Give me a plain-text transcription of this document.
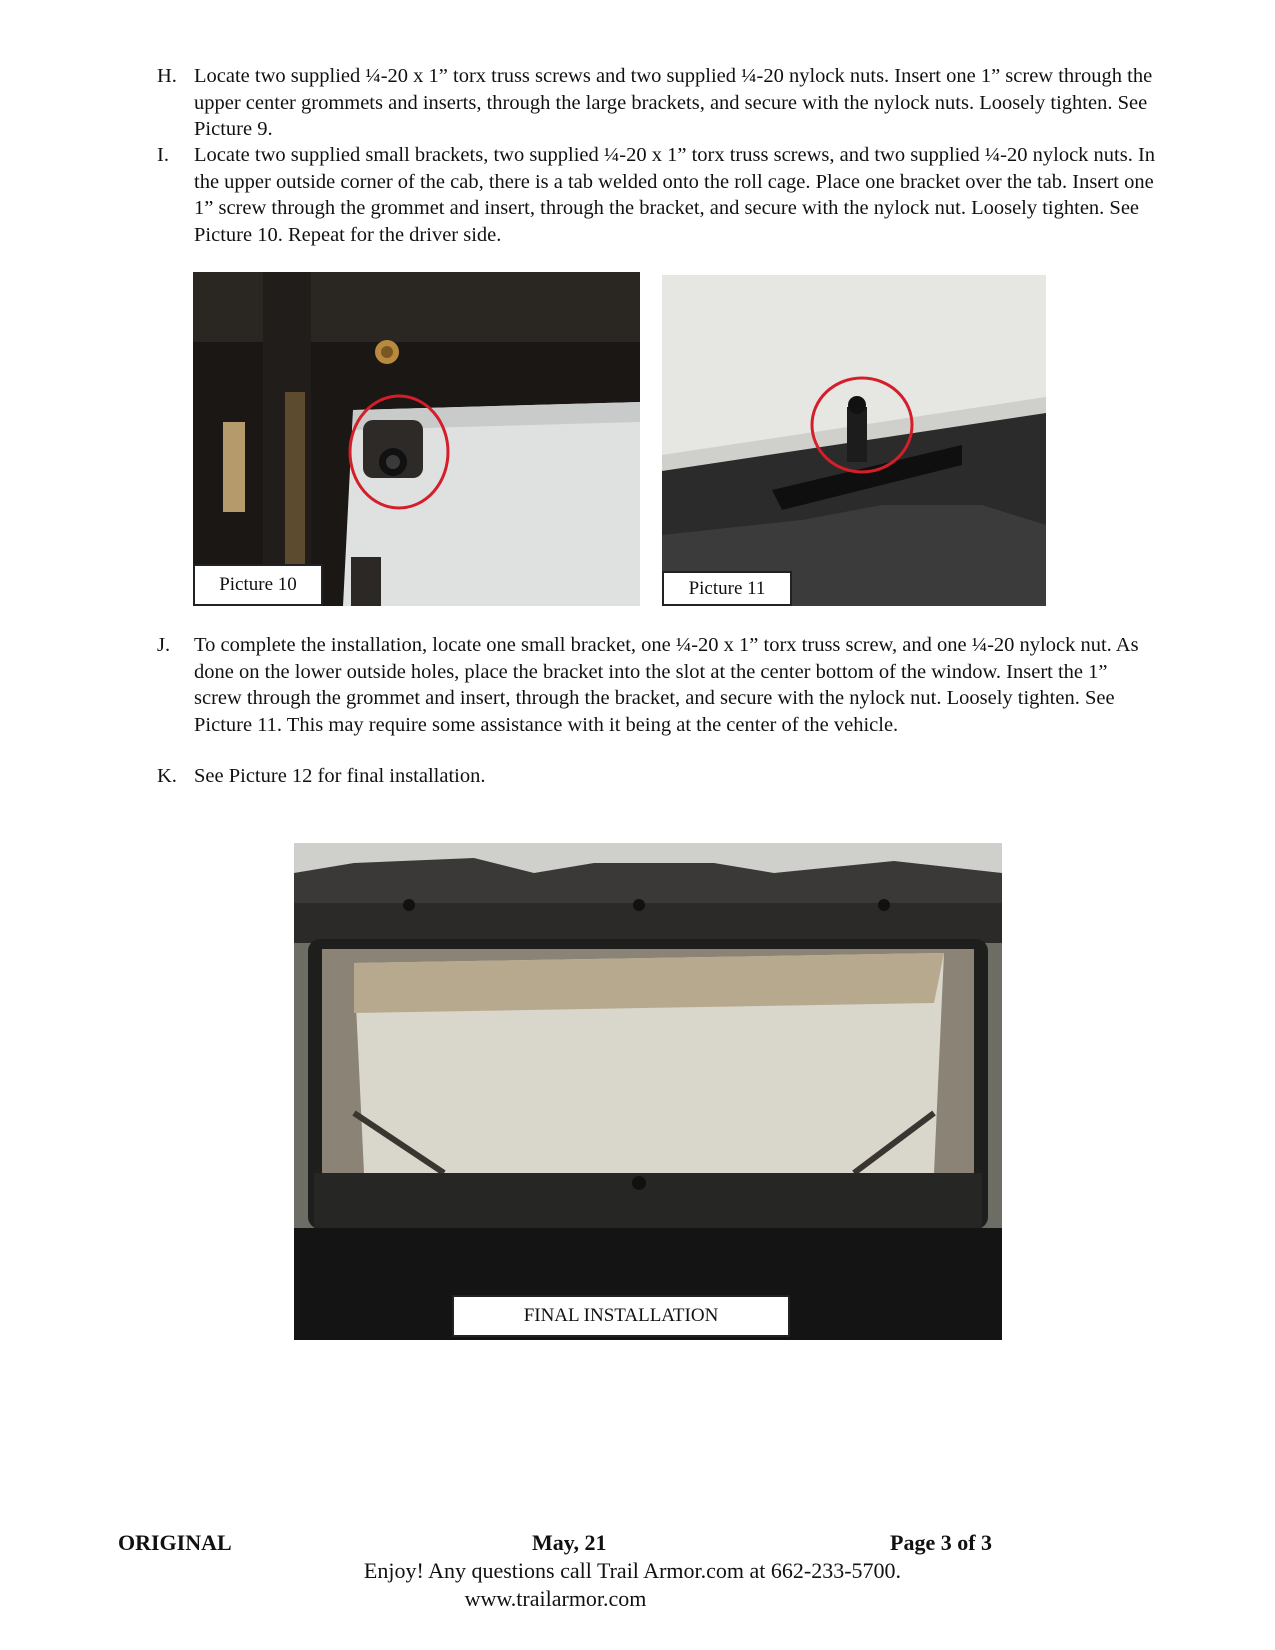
H. Locate two supplied ¼-20 x 1” torx truss screws and two supplied ¼-20 nylock nuts. Insert one 1” screw through the upper center grommets and inserts, through the large brackets, and secure with the nylock nuts. Loosely tighten. See Picture 9.
I. Locate two supplied small brackets, two supplied ¼-20 x 1” torx truss screws, and two supplied ¼-20 nylock nuts. In the upper outside corner of the cab, there is a tab welded onto the roll cage. Place one bracket over the tab. Insert one 1” screw through the grommet and insert, through the bracket, and secure with the nylock nut. Loosely tighten. See Picture 10. Repeat for the driver side.
Picture 10	Picture 11
J. To complete the installation, locate one small bracket, one ¼-20 x 1” torx truss screw, and one ¼-20 nylock nut. As done on the lower outside holes, place the bracket into the slot at the center bottom of the window. Insert the 1” screw through the grommet and insert, through the bracket, and secure with the nylock nut. Loosely tighten. See Picture 11. This may require some assistance with it being at the center of the vehicle.
K. See Picture 12 for final installation.
FINAL INSTALLATION
ORIGINAL	May, 21	Page 3 of 3
Enjoy! Any questions call Trail Armor.com at 662-233-5700.
www.trailarmor.com
